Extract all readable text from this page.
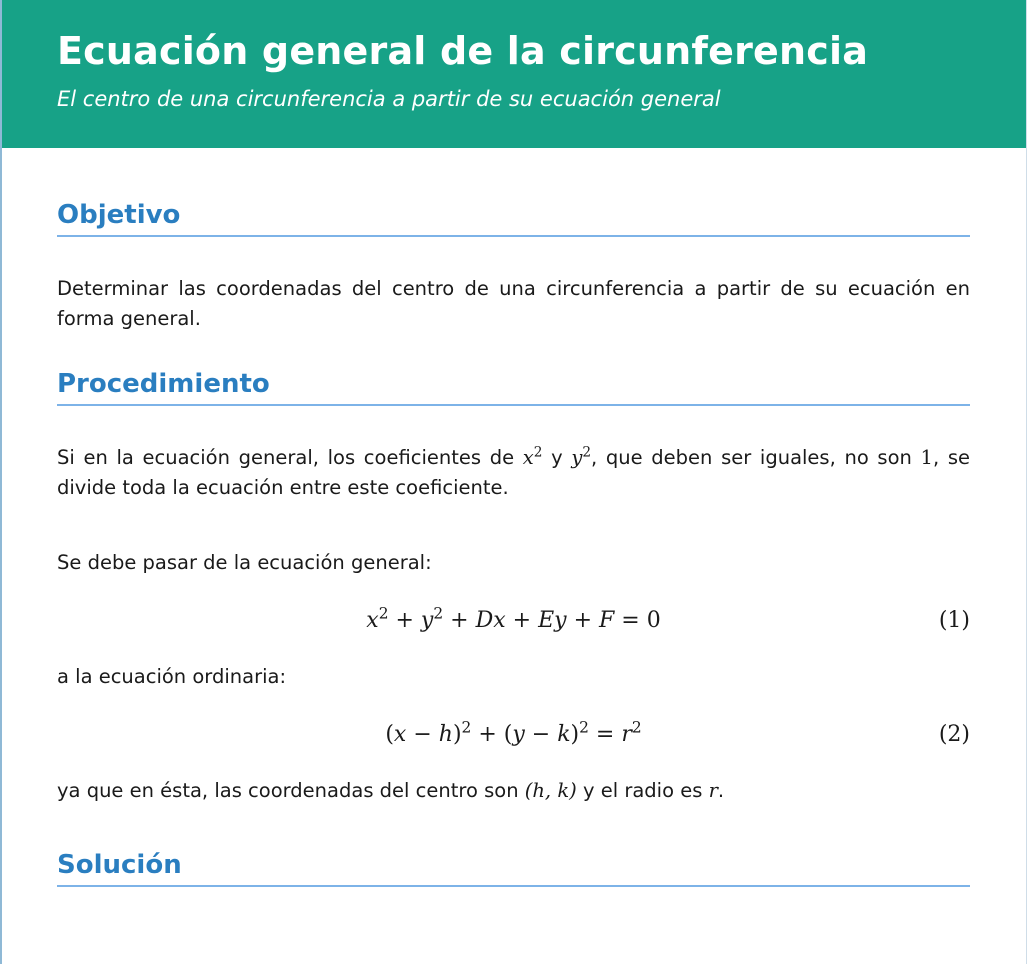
Ecuación general de la circunferencia
El centro de una circunferencia a partir de su ecuación general
Objetivo

Determinar las coordenadas del centro de una circunferencia a partir de su ecuación en forma general.

Procedimiento

Si en la ecuación general, los coeficientes de $x^2$ y $y^2$, que deben ser iguales, no son 1, se divide toda la ecuación entre este coeficiente.

Se debe pasar de la ecuación general:

$x^2 + y^2 + Dx + Ey + F = 0$	(1)

a la ecuación ordinaria:

$(x - h)^2 + (y - k)^2 = r^2$	(2)

ya que en ésta, las coordenadas del centro son (h, k) y el radio es r.

Solución
